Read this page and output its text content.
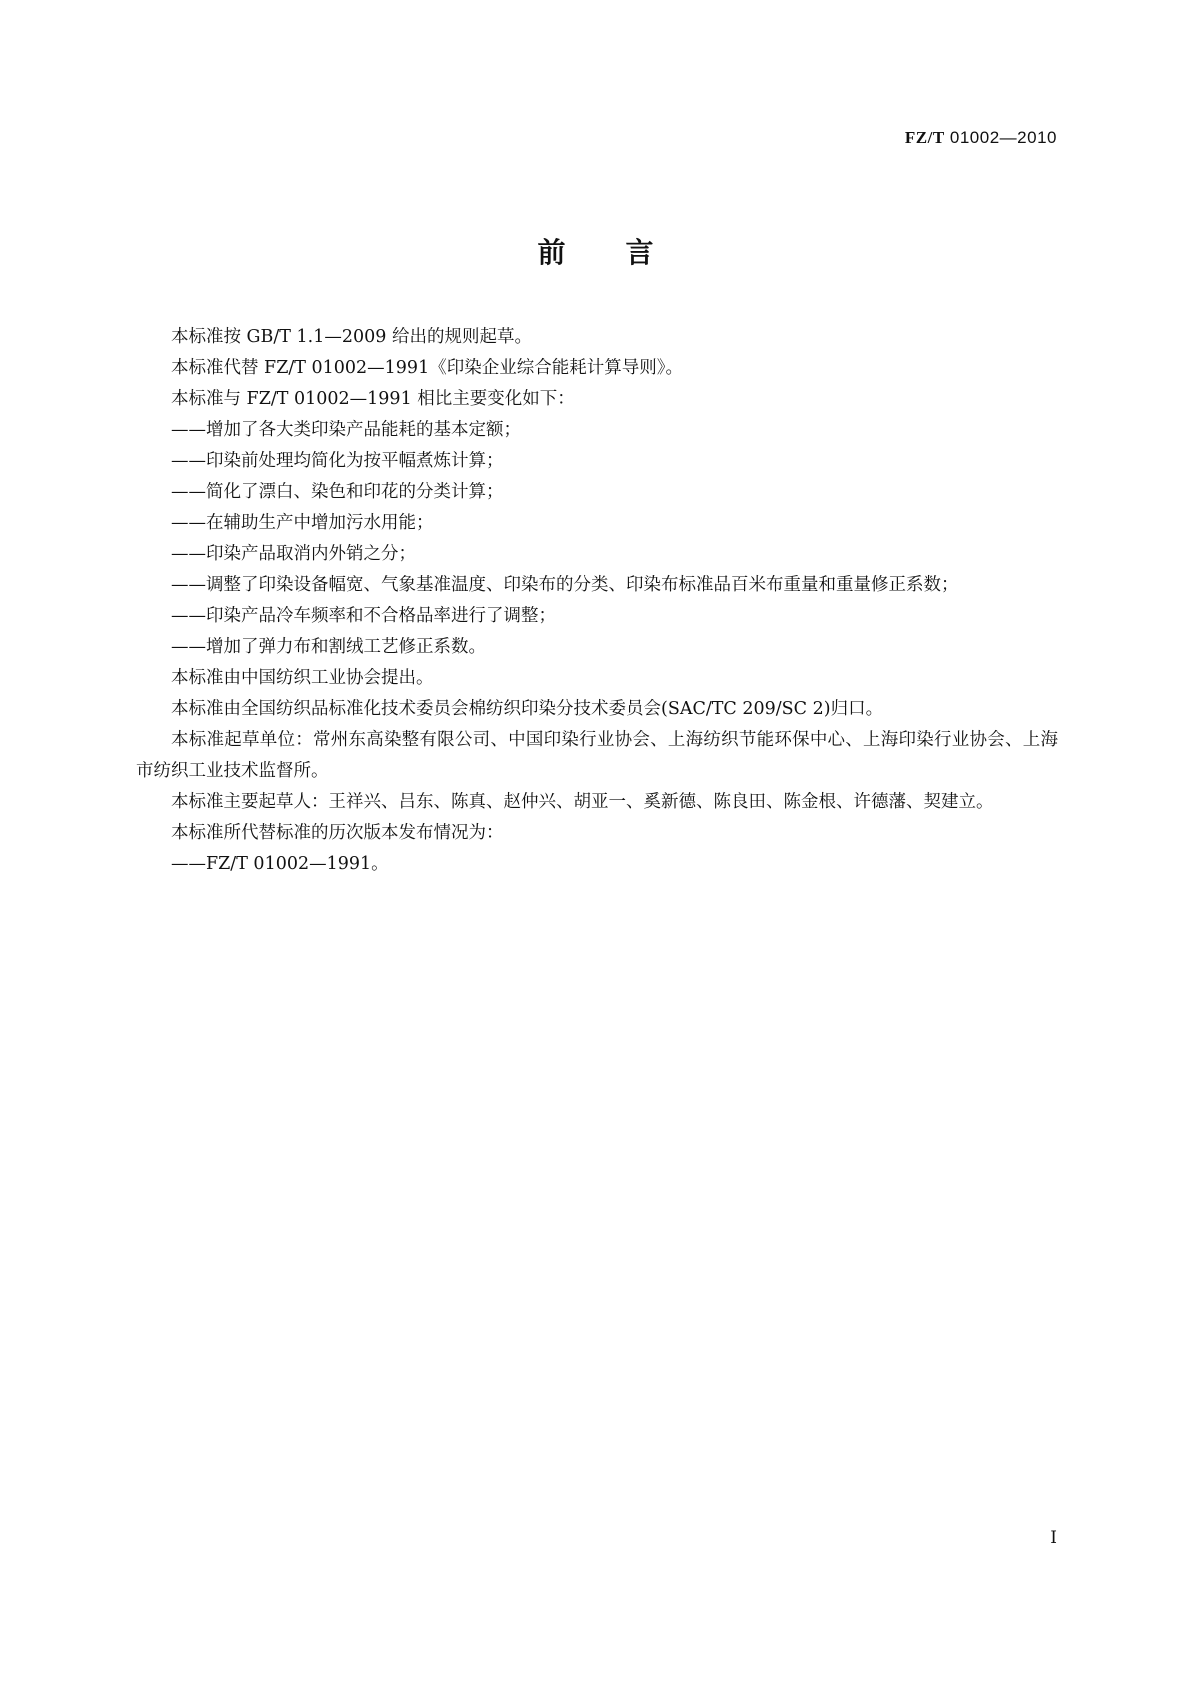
FZ/T 01002—2010
前言

本标准按 GB/T 1.1—2009 给出的规则起草。

本标准代替 FZ/T 01002—1991《印染企业综合能耗计算导则》。

本标准与 FZ/T 01002—1991 相比主要变化如下：

——增加了各大类印染产品能耗的基本定额；

——印染前处理均简化为按平幅煮炼计算；

——简化了漂白、染色和印花的分类计算；

——在辅助生产中增加污水用能；

——印染产品取消内外销之分；

——调整了印染设备幅宽、气象基准温度、印染布的分类、印染布标准品百米布重量和重量修正系数；

——印染产品冷车频率和不合格品率进行了调整；

——增加了弹力布和割绒工艺修正系数。

本标准由中国纺织工业协会提出。

本标准由全国纺织品标准化技术委员会棉纺织印染分技术委员会(SAC/TC 209/SC 2)归口。

本标准起草单位：常州东高染整有限公司、中国印染行业协会、上海纺织节能环保中心、上海印染行业协会、上海市纺织工业技术监督所。

本标准主要起草人：王祥兴、吕东、陈真、赵仲兴、胡亚一、奚新德、陈良田、陈金根、许德藩、契建立。

本标准所代替标准的历次版本发布情况为：

——FZ/T 01002—1991。

I
